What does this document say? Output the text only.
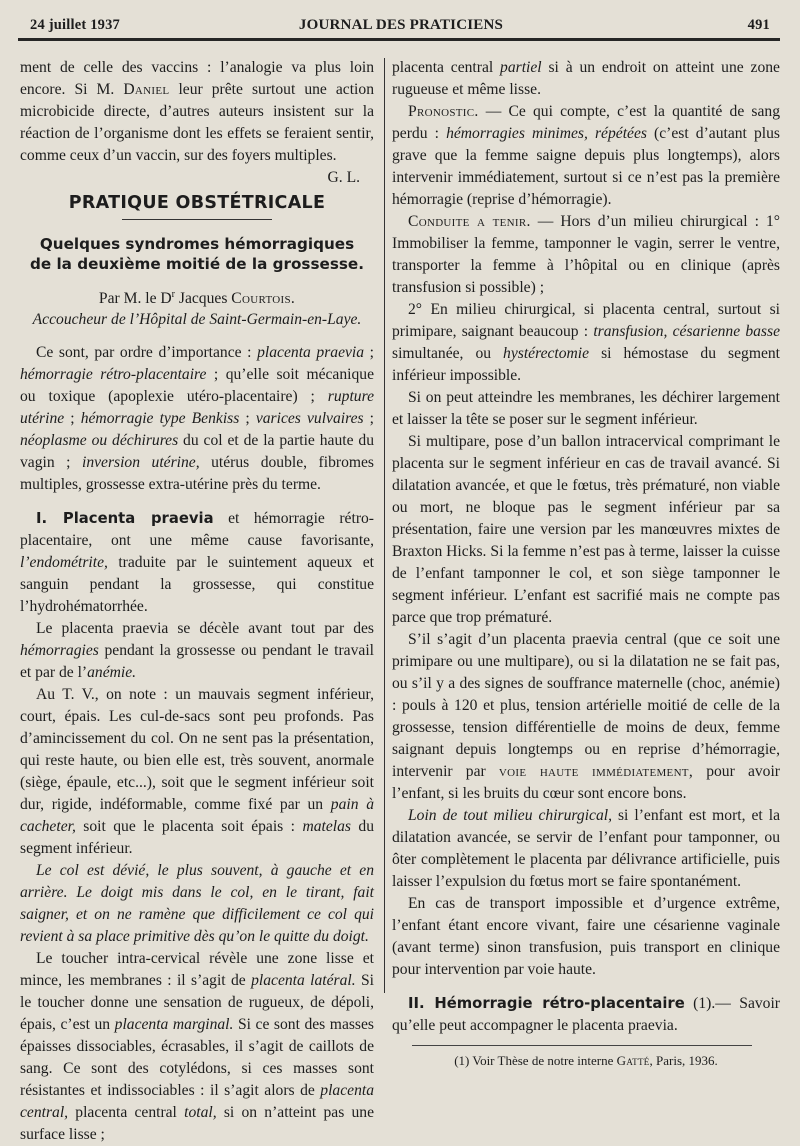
24 juillet 1937	JOURNAL DES PRATICIENS	491

ment de celle des vaccins : l’analogie va plus loin encore. Si M. Daniel leur prête surtout une action microbicide directe, d’autres auteurs insistent sur la réaction de l’organisme dont les effets se feraient sentir, comme ceux d’un vaccin, sur des foyers multiples.
G. L.

PRATIQUE OBSTÉTRICALE
Quelques syndromes hémorragiques
de la deuxième moitié de la grossesse.
Par M. le $D^r$ Jacques Courtois.
Accoucheur de l’Hôpital de Saint-Germain-en-Laye.

Ce sont, par ordre d’importance : placenta praevia ; hémorragie rétro-placentaire ; qu’elle soit mécanique ou toxique (apoplexie utéro-placentaire) ; rupture utérine ; hémorragie type Benkiss ; varices vulvaires ; néoplasme ou déchirures du col et de la partie haute du vagin ; inversion utérine, utérus double, fibromes multiples, grossesse extra-utérine près du terme.

I. Placenta praevia et hémorragie rétro-placentaire, ont une même cause favorisante, l’endométrite, traduite par le suintement aqueux et sanguin pendant la grossesse, qui constitue l’hydrohématorrhée.

Le placenta praevia se décèle avant tout par des hémorragies pendant la grossesse ou pendant le travail et par de l’anémie.

Au T. V., on note : un mauvais segment inférieur, court, épais. Les cul-de-sacs sont peu profonds. Pas d’amincissement du col. On ne sent pas la présentation, qui reste haute, ou bien elle est, très souvent, anormale (siège, épaule, etc...), soit que le segment inférieur soit dur, rigide, indéformable, comme fixé par un pain à cacheter, soit que le placenta soit épais : matelas du segment inférieur.

Le col est dévié, le plus souvent, à gauche et en arrière. Le doigt mis dans le col, en le tirant, fait saigner, et on ne ramène que difficilement ce col qui revient à sa place primitive dès qu’on le quitte du doigt.

Le toucher intra-cervical révèle une zone lisse et mince, les membranes : il s’agit de placenta latéral. Si le toucher donne une sensation de rugueux, de dépoli, épais, c’est un placenta marginal. Si ce sont des masses épaisses dissociables, écrasables, il s’agit de caillots de sang. Ce sont des cotylédons, si ces masses sont résistantes et indissociables : il s’agit alors de placenta central, placenta central total, si on n’atteint pas une surface lisse ;

placenta central partiel si à un endroit on atteint une zone rugueuse et même lisse.

Pronostic. — Ce qui compte, c’est la quantité de sang perdu : hémorragies minimes, répétées (c’est d’autant plus grave que la femme saigne depuis plus longtemps), alors intervenir immédiatement, surtout si ce n’est pas la première hémorragie (reprise d’hémorragie).

Conduite a tenir. — Hors d’un milieu chirurgical : 1° Immobiliser la femme, tamponner le vagin, serrer le ventre, transporter la femme à l’hôpital ou en clinique (après transfusion si possible) ;

2° En milieu chirurgical, si placenta central, surtout si primipare, saignant beaucoup : transfusion, césarienne basse simultanée, ou hystérectomie si hémostase du segment inférieur impossible.

Si on peut atteindre les membranes, les déchirer largement et laisser la tête se poser sur le segment inférieur.

Si multipare, pose d’un ballon intracervical comprimant le placenta sur le segment inférieur en cas de travail avancé. Si dilatation avancée, et que le fœtus, très prématuré, non viable ou mort, ne bloque pas le segment inférieur par sa présentation, faire une version par les manœuvres mixtes de Braxton Hicks. Si la femme n’est pas à terme, laisser la cuisse de l’enfant tamponner le col, et son siège tamponner le segment inférieur. L’enfant est sacrifié mais ne compte pas parce que trop prématuré.

S’il s’agit d’un placenta praevia central (que ce soit une primipare ou une multipare), ou si la dilatation ne se fait pas, ou s’il y a des signes de souffrance maternelle (choc, anémie) : pouls à 120 et plus, tension artérielle moitié de celle de la grossesse, tension différentielle de moins de deux, femme saignant depuis longtemps ou en reprise d’hémorragie, intervenir par voie haute immédiatement, pour avoir l’enfant, si les bruits du cœur sont encore bons.

Loin de tout milieu chirurgical, si l’enfant est mort, et la dilatation avancée, se servir de l’enfant pour tamponner, ou ôter complètement le placenta par délivrance artificielle, puis laisser l’expulsion du fœtus mort se faire spontanément.

En cas de transport impossible et d’urgence extrême, l’enfant étant encore vivant, faire une césarienne vaginale (avant terme) sinon transfusion, puis transport en clinique pour intervention par voie haute.

II. Hémorragie rétro-placentaire (1).— Savoir qu’elle peut accompagner le placenta praevia.

(1) Voir Thèse de notre interne Gatté, Paris, 1936.
